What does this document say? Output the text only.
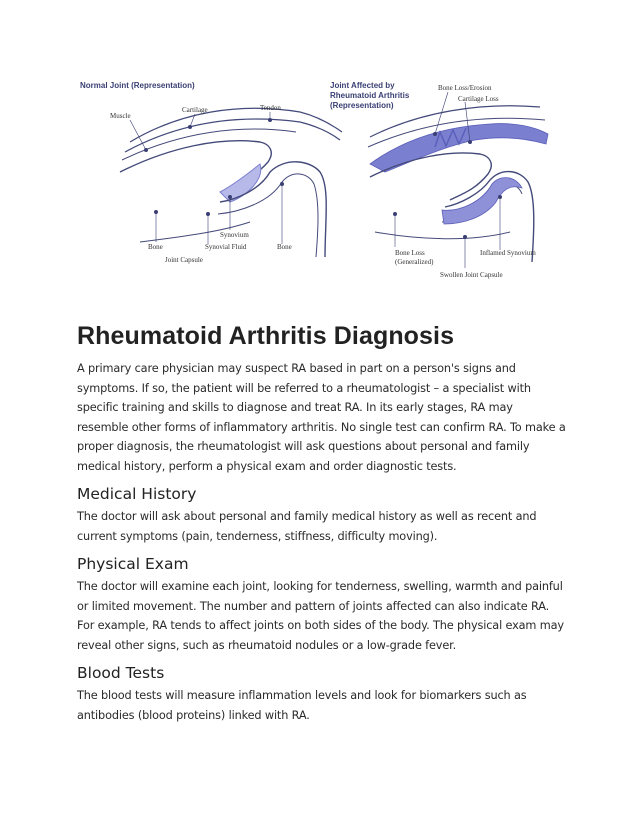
Normal Joint (Representation)
Muscle
Cartilage	Tendon
Synovium
Bone	Synovial Fluid	Bone
Joint Capsule
Joint Affected by
Rheumatoid Arthritis
(Representation)
Bone Loss/Erosion
Cartilage Loss
Bone Loss
(Generalized)
Inflamed Synovium
Swollen Joint Capsule
Rheumatoid Arthritis Diagnosis

A primary care physician may suspect RA based in part on a person's signs and symptoms. If so, the patient will be referred to a rheumatologist – a specialist with specific training and skills to diagnose and treat RA. In its early stages, RA may resemble other forms of inflammatory arthritis. No single test can confirm RA. To make a proper diagnosis, the rheumatologist will ask questions about personal and family medical history, perform a physical exam and order diagnostic tests.

Medical History

The doctor will ask about personal and family medical history as well as recent and current symptoms (pain, tenderness, stiffness, difficulty moving).

Physical Exam

The doctor will examine each joint, looking for tenderness, swelling, warmth and painful or limited movement. The number and pattern of joints affected can also indicate RA. For example, RA tends to affect joints on both sides of the body. The physical exam may reveal other signs, such as rheumatoid nodules or a low-grade fever.

Blood Tests

The blood tests will measure inflammation levels and look for biomarkers such as antibodies (blood proteins) linked with RA.
